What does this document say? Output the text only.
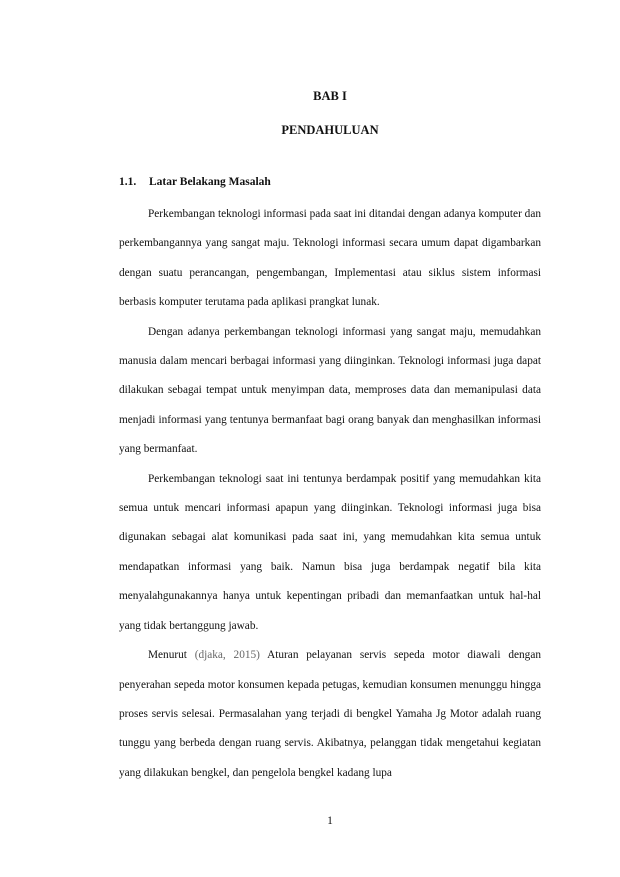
BAB I
PENDAHULUAN
1.1. Latar Belakang Masalah

Perkembangan teknologi informasi pada saat ini ditandai dengan adanya komputer dan perkembangannya yang sangat maju. Teknologi informasi secara umum dapat digambarkan dengan suatu perancangan, pengembangan, Implementasi atau siklus sistem informasi berbasis komputer terutama pada aplikasi prangkat lunak.

Dengan adanya perkembangan teknologi informasi yang sangat maju, memudahkan manusia dalam mencari berbagai informasi yang diinginkan. Teknologi informasi juga dapat dilakukan sebagai tempat untuk menyimpan data, memproses data dan memanipulasi data menjadi informasi yang tentunya bermanfaat bagi orang banyak dan menghasilkan informasi yang bermanfaat.

Perkembangan teknologi saat ini tentunya berdampak positif yang memudahkan kita semua untuk mencari informasi apapun yang diinginkan. Teknologi informasi juga bisa digunakan sebagai alat komunikasi pada saat ini, yang memudahkan kita semua untuk mendapatkan informasi yang baik. Namun bisa juga berdampak negatif bila kita menyalahgunakannya hanya untuk kepentingan pribadi dan memanfaatkan untuk hal-hal yang tidak bertanggung jawab.

Menurut (djaka, 2015) Aturan pelayanan servis sepeda motor diawali dengan penyerahan sepeda motor konsumen kepada petugas, kemudian konsumen menunggu hingga proses servis selesai. Permasalahan yang terjadi di bengkel Yamaha Jg Motor adalah ruang tunggu yang berbeda dengan ruang servis. Akibatnya, pelanggan tidak mengetahui kegiatan yang dilakukan bengkel, dan pengelola bengkel kadang lupa

1
